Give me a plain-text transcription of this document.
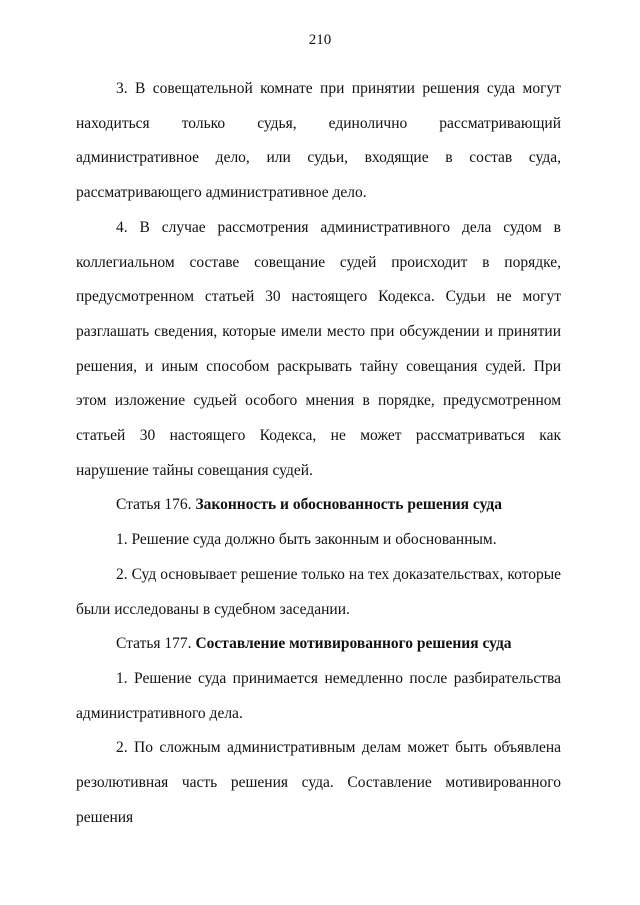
210

3. В совещательной комнате при принятии решения суда могут находиться только судья, единолично рассматривающий административное дело, или судьи, входящие в состав суда, рассматривающего административное дело.

4. В случае рассмотрения административного дела судом в коллегиальном составе совещание судей происходит в порядке, предусмотренном статьей 30 настоящего Кодекса. Судьи не могут разглашать сведения, которые имели место при обсуждении и принятии решения, и иным способом раскрывать тайну совещания судей. При этом изложение судьей особого мнения в порядке, предусмотренном статьей 30 настоящего Кодекса, не может рассматриваться как нарушение тайны совещания судей.

Статья 176. Законность и обоснованность решения суда

1. Решение суда должно быть законным и обоснованным.

2. Суд основывает решение только на тех доказательствах, которые были исследованы в судебном заседании.

Статья 177. Составление мотивированного решения суда

1. Решение суда принимается немедленно после разбирательства административного дела.

2. По сложным административным делам может быть объявлена резолютивная часть решения суда. Составление мотивированного решения
